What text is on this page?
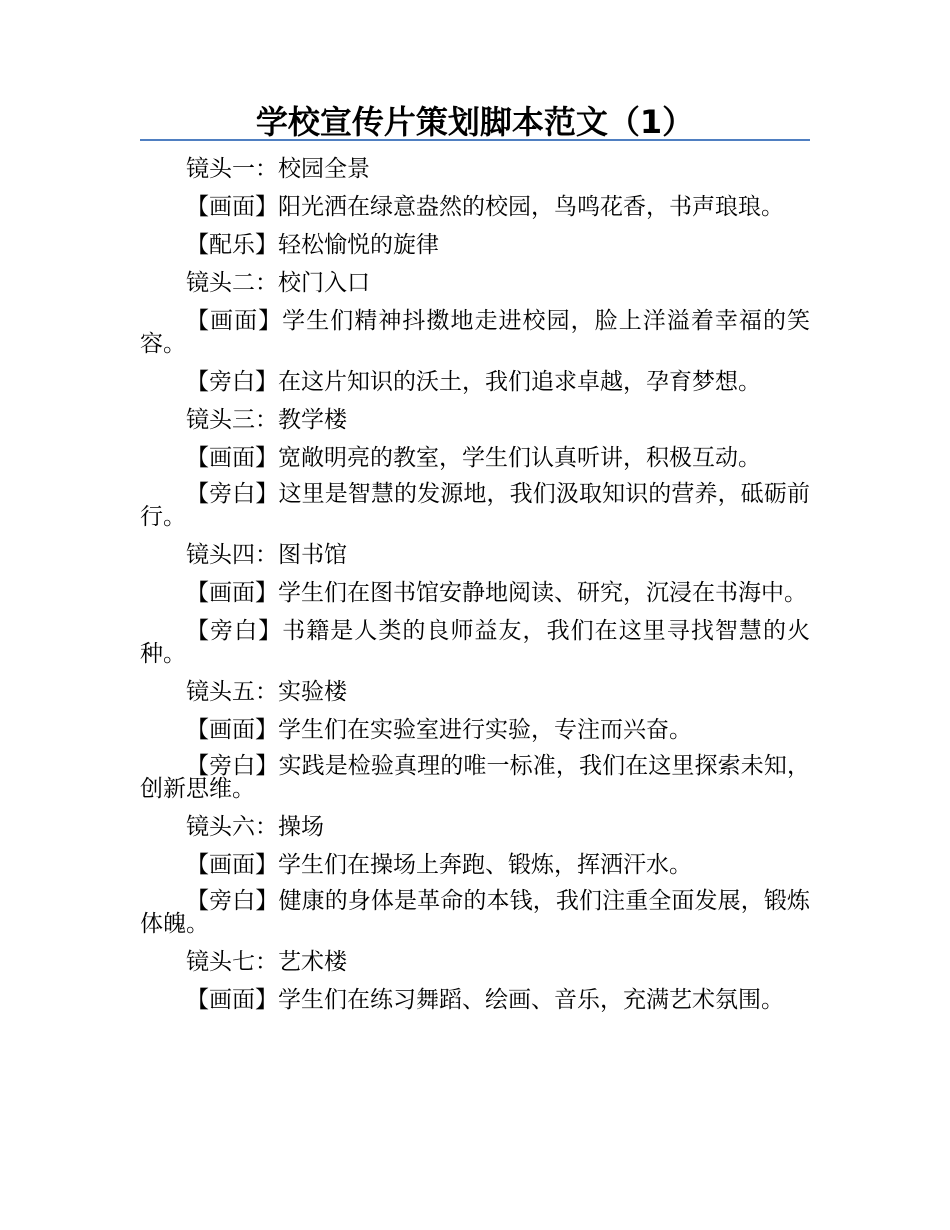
学校宣传片策划脚本范文（1）

镜头一：校园全景

【画面】阳光洒在绿意盎然的校园，鸟鸣花香，书声琅琅。

【配乐】轻松愉悦的旋律

镜头二：校门入口

【画面】学生们精神抖擞地走进校园，脸上洋溢着幸福的笑容。

【旁白】在这片知识的沃土，我们追求卓越，孕育梦想。

镜头三：教学楼

【画面】宽敞明亮的教室，学生们认真听讲，积极互动。

【旁白】这里是智慧的发源地，我们汲取知识的营养，砥砺前行。

镜头四：图书馆

【画面】学生们在图书馆安静地阅读、研究，沉浸在书海中。

【旁白】书籍是人类的良师益友，我们在这里寻找智慧的火种。

镜头五：实验楼

【画面】学生们在实验室进行实验，专注而兴奋。

【旁白】实践是检验真理的唯一标准，我们在这里探索未知，创新思维。

镜头六：操场

【画面】学生们在操场上奔跑、锻炼，挥洒汗水。

【旁白】健康的身体是革命的本钱，我们注重全面发展，锻炼体魄。

镜头七：艺术楼

【画面】学生们在练习舞蹈、绘画、音乐，充满艺术氛围。
